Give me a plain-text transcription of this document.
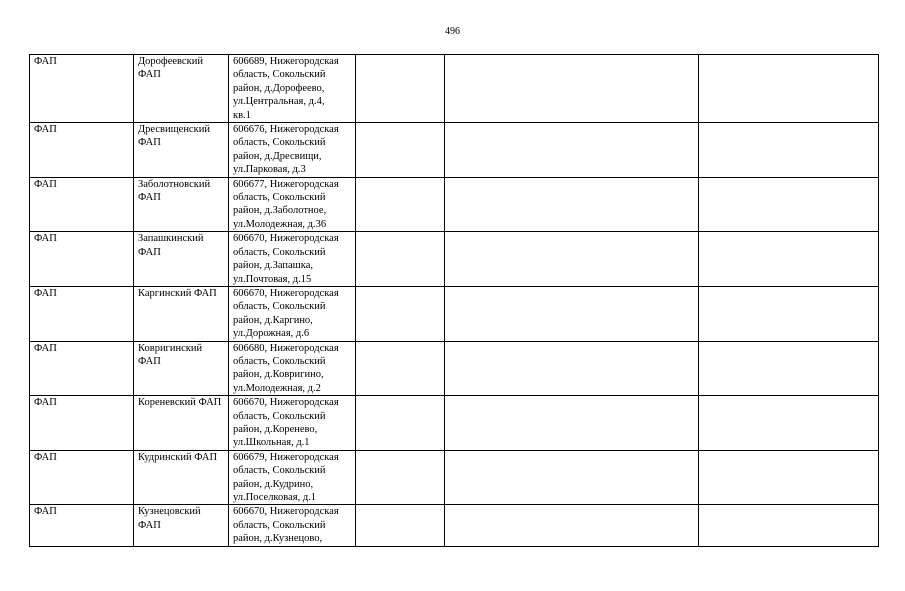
496
ФАП	Дорофеевский ФАП	606689, Нижегородская
область, Сокольский
район, д.Дорофеево,
ул.Центральная, д.4,
кв.1			
ФАП	Дресвищенский ФАП	606676, Нижегородская
область, Сокольский
район, д.Дресвищи,
ул.Парковая, д.3			
ФАП	Заболотновский ФАП	606677, Нижегородская
область, Сокольский
район, д.Заболотное,
ул.Молодежная, д.36			
ФАП	Запашкинский ФАП	606670, Нижегородская
область, Сокольский
район, д.Запашка,
ул.Почтовая, д.15			
ФАП	Каргинский ФАП	606670, Нижегородская
область, Сокольский
район, д.Каргино,
ул.Дорожная, д.6			
ФАП	Ковригинский ФАП	606680, Нижегородская
область, Сокольский
район, д.Ковригино,
ул.Молодежная, д.2			
ФАП	Кореневский ФАП	606670, Нижегородская
область, Сокольский
район, д.Коренево,
ул.Школьная, д.1			
ФАП	Кудринский ФАП	606679, Нижегородская
область, Сокольский
район, д.Кудрино,
ул.Поселковая, д.1			
ФАП	Кузнецовский ФАП	606670, Нижегородская
область, Сокольский
район, д.Кузнецово,			
